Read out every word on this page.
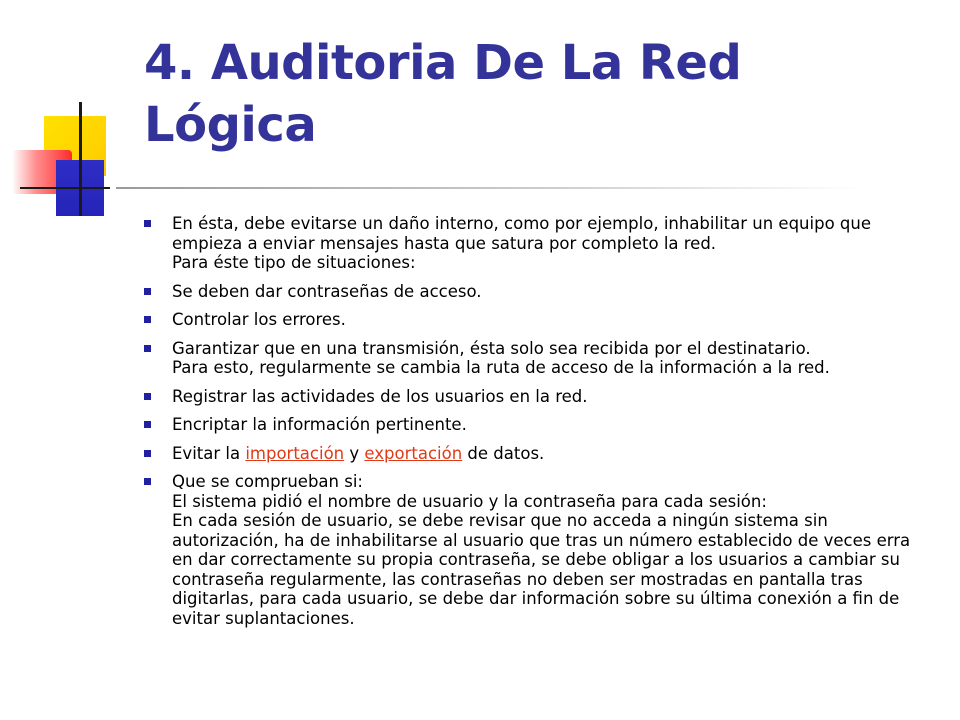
4. Auditoria De La Red Lógica
En ésta, debe evitarse un daño interno, como por ejemplo, inhabilitar un equipo que empieza a enviar mensajes hasta que satura por completo la red.
Para éste tipo de situaciones:
Se deben dar contraseñas de acceso.
Controlar los errores.
Garantizar que en una transmisión, ésta solo sea recibida por el destinatario.
Para esto, regularmente se cambia la ruta de acceso de la información a la red.
Registrar las actividades de los usuarios en la red.
Encriptar la información pertinente.
Evitar la importación y exportación de datos.
Que se comprueban si:
El sistema pidió el nombre de usuario y la contraseña para cada sesión:
En cada sesión de usuario, se debe revisar que no acceda a ningún sistema sin autorización, ha de inhabilitarse al usuario que tras un número establecido de veces erra en dar correctamente su propia contraseña, se debe obligar a los usuarios a cambiar su contraseña regularmente, las contraseñas no deben ser mostradas en pantalla tras digitarlas, para cada usuario, se debe dar información sobre su última conexión a fin de evitar suplantaciones.
